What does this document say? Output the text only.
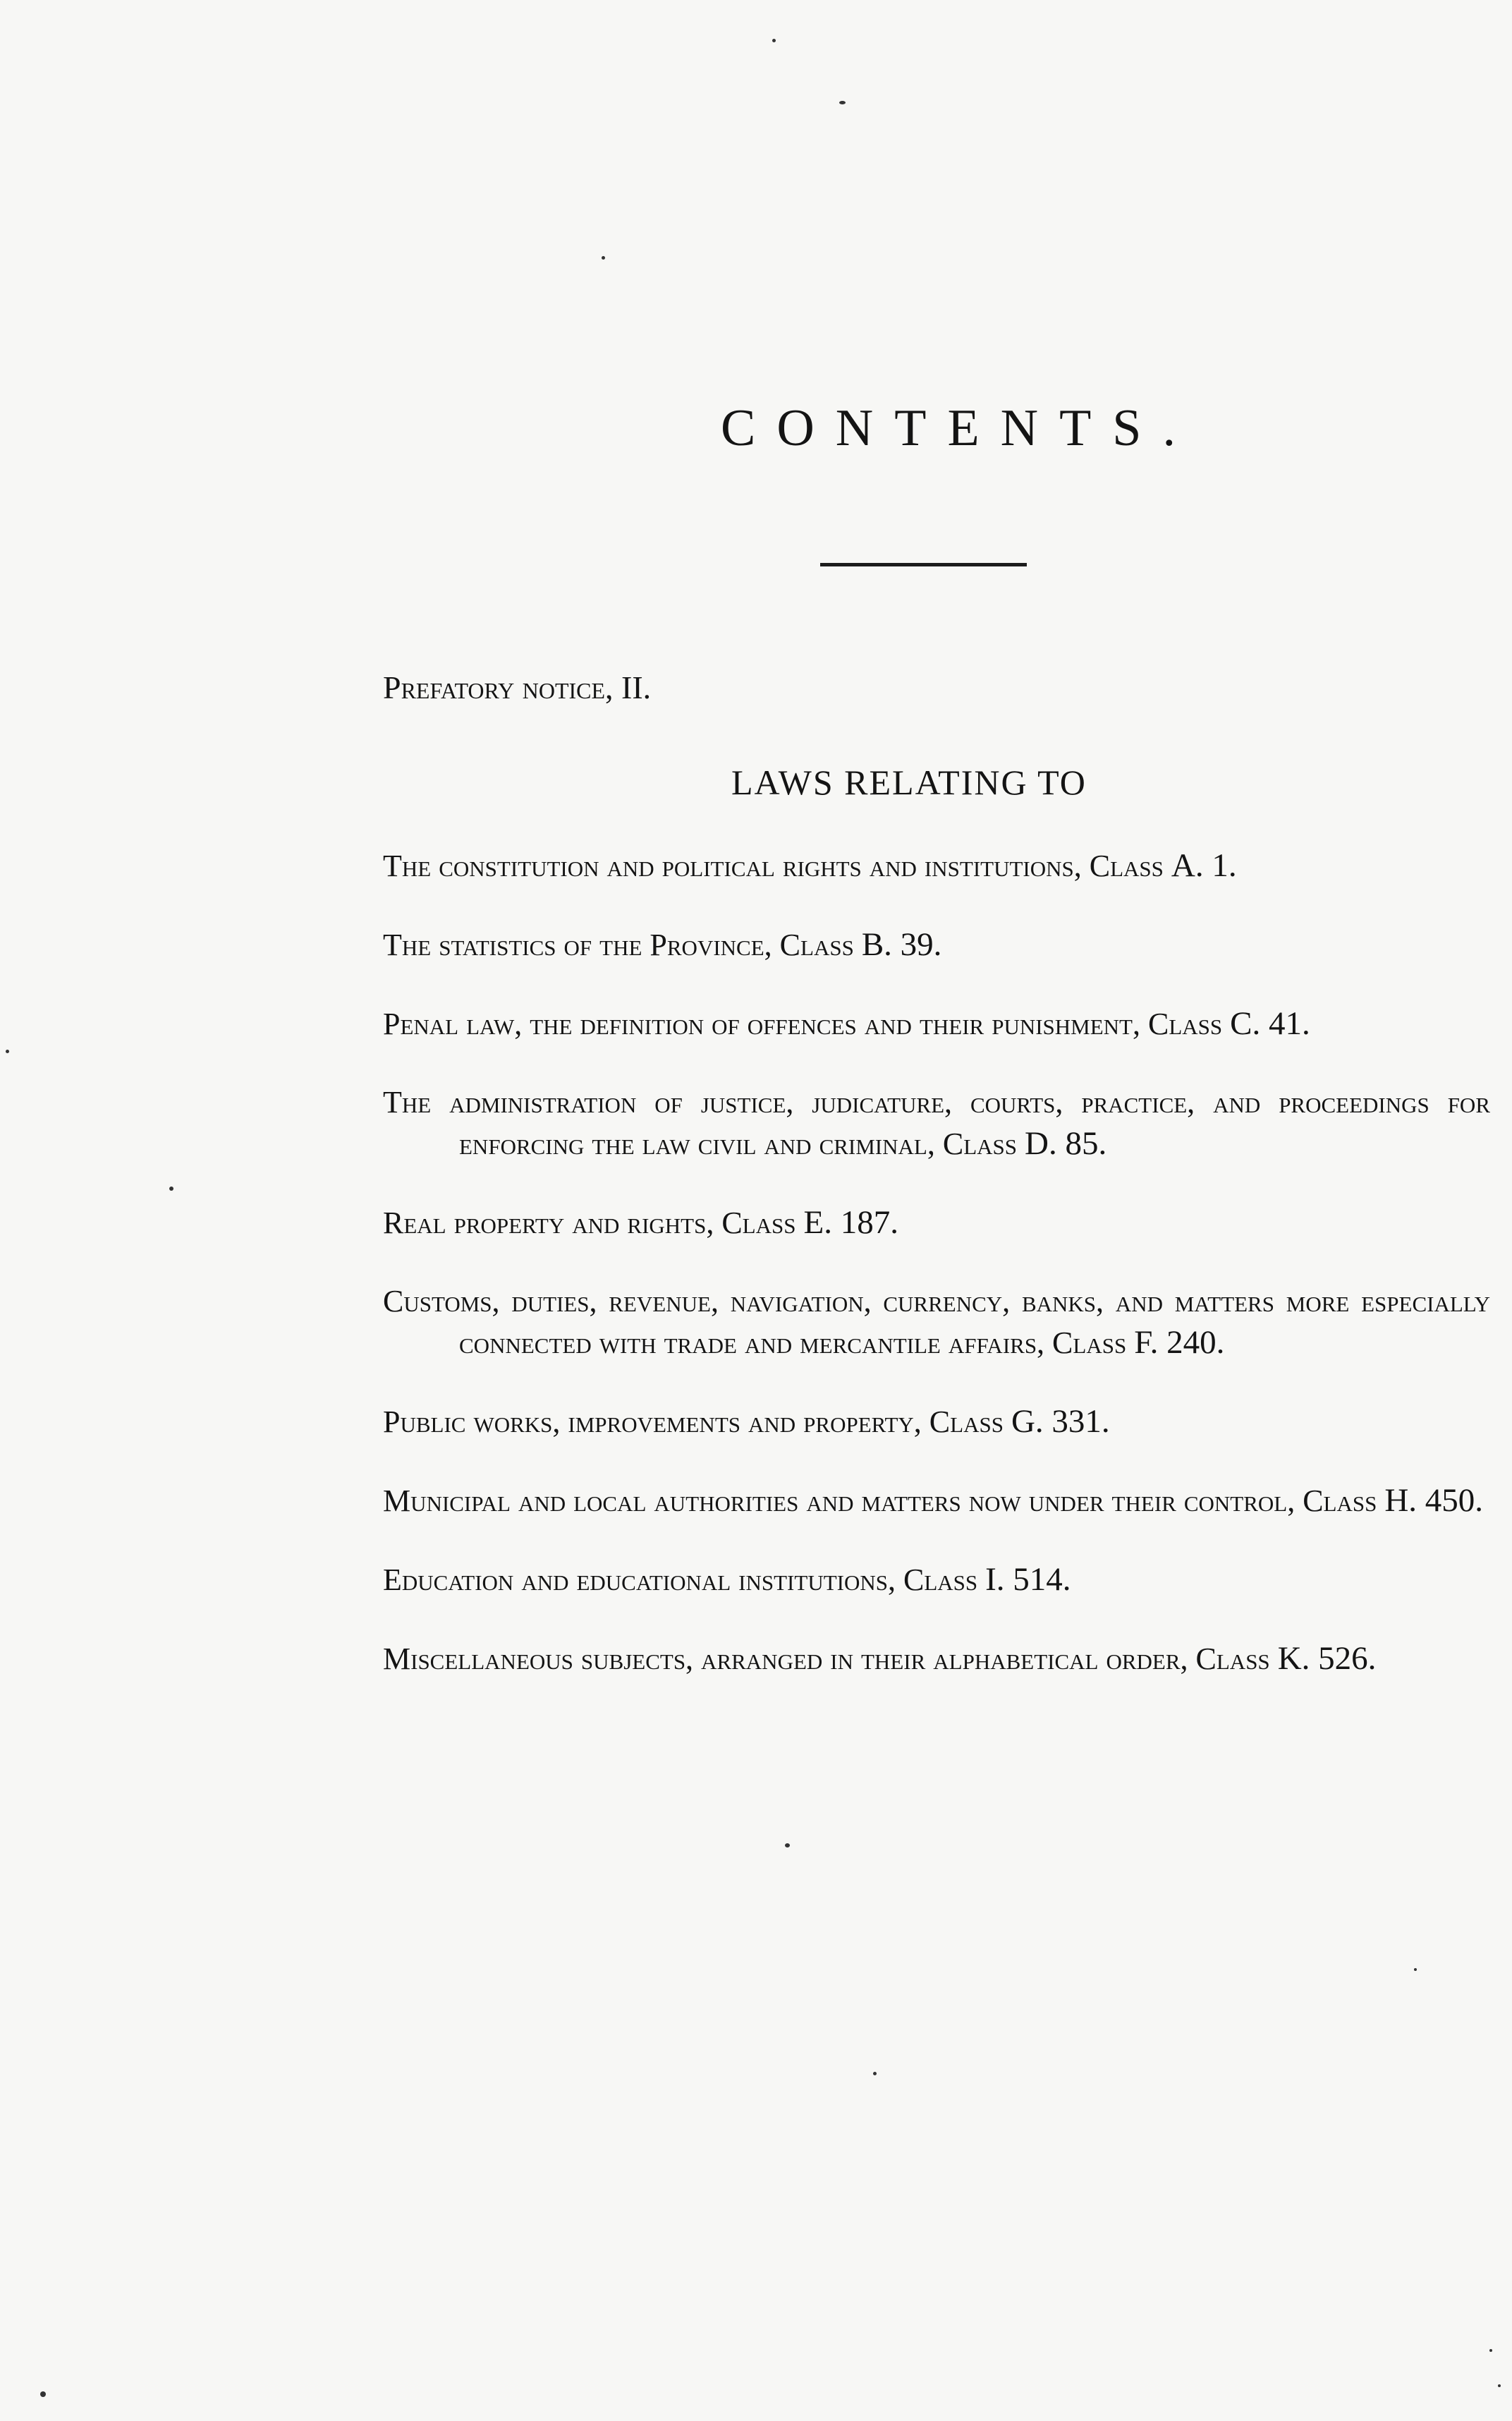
CONTENTS.
Prefatory notice, II.
LAWS RELATING TO
The constitution and political rights and institutions, Class A. 1.
The statistics of the Province, Class B. 39.
Penal law, the definition of offences and their punishment, Class C. 41.
The administration of justice, judicature, courts, practice, and proceedings for enforcing the law civil and criminal, Class D. 85.
Real property and rights, Class E. 187.
Customs, duties, revenue, navigation, currency, banks, and matters more especially connected with trade and mercantile affairs, Class F. 240.
Public works, improvements and property, Class G. 331.
Municipal and local authorities and matters now under their control, Class H. 450.
Education and educational institutions, Class I. 514.
Miscellaneous subjects, arranged in their alphabetical order, Class K. 526.
